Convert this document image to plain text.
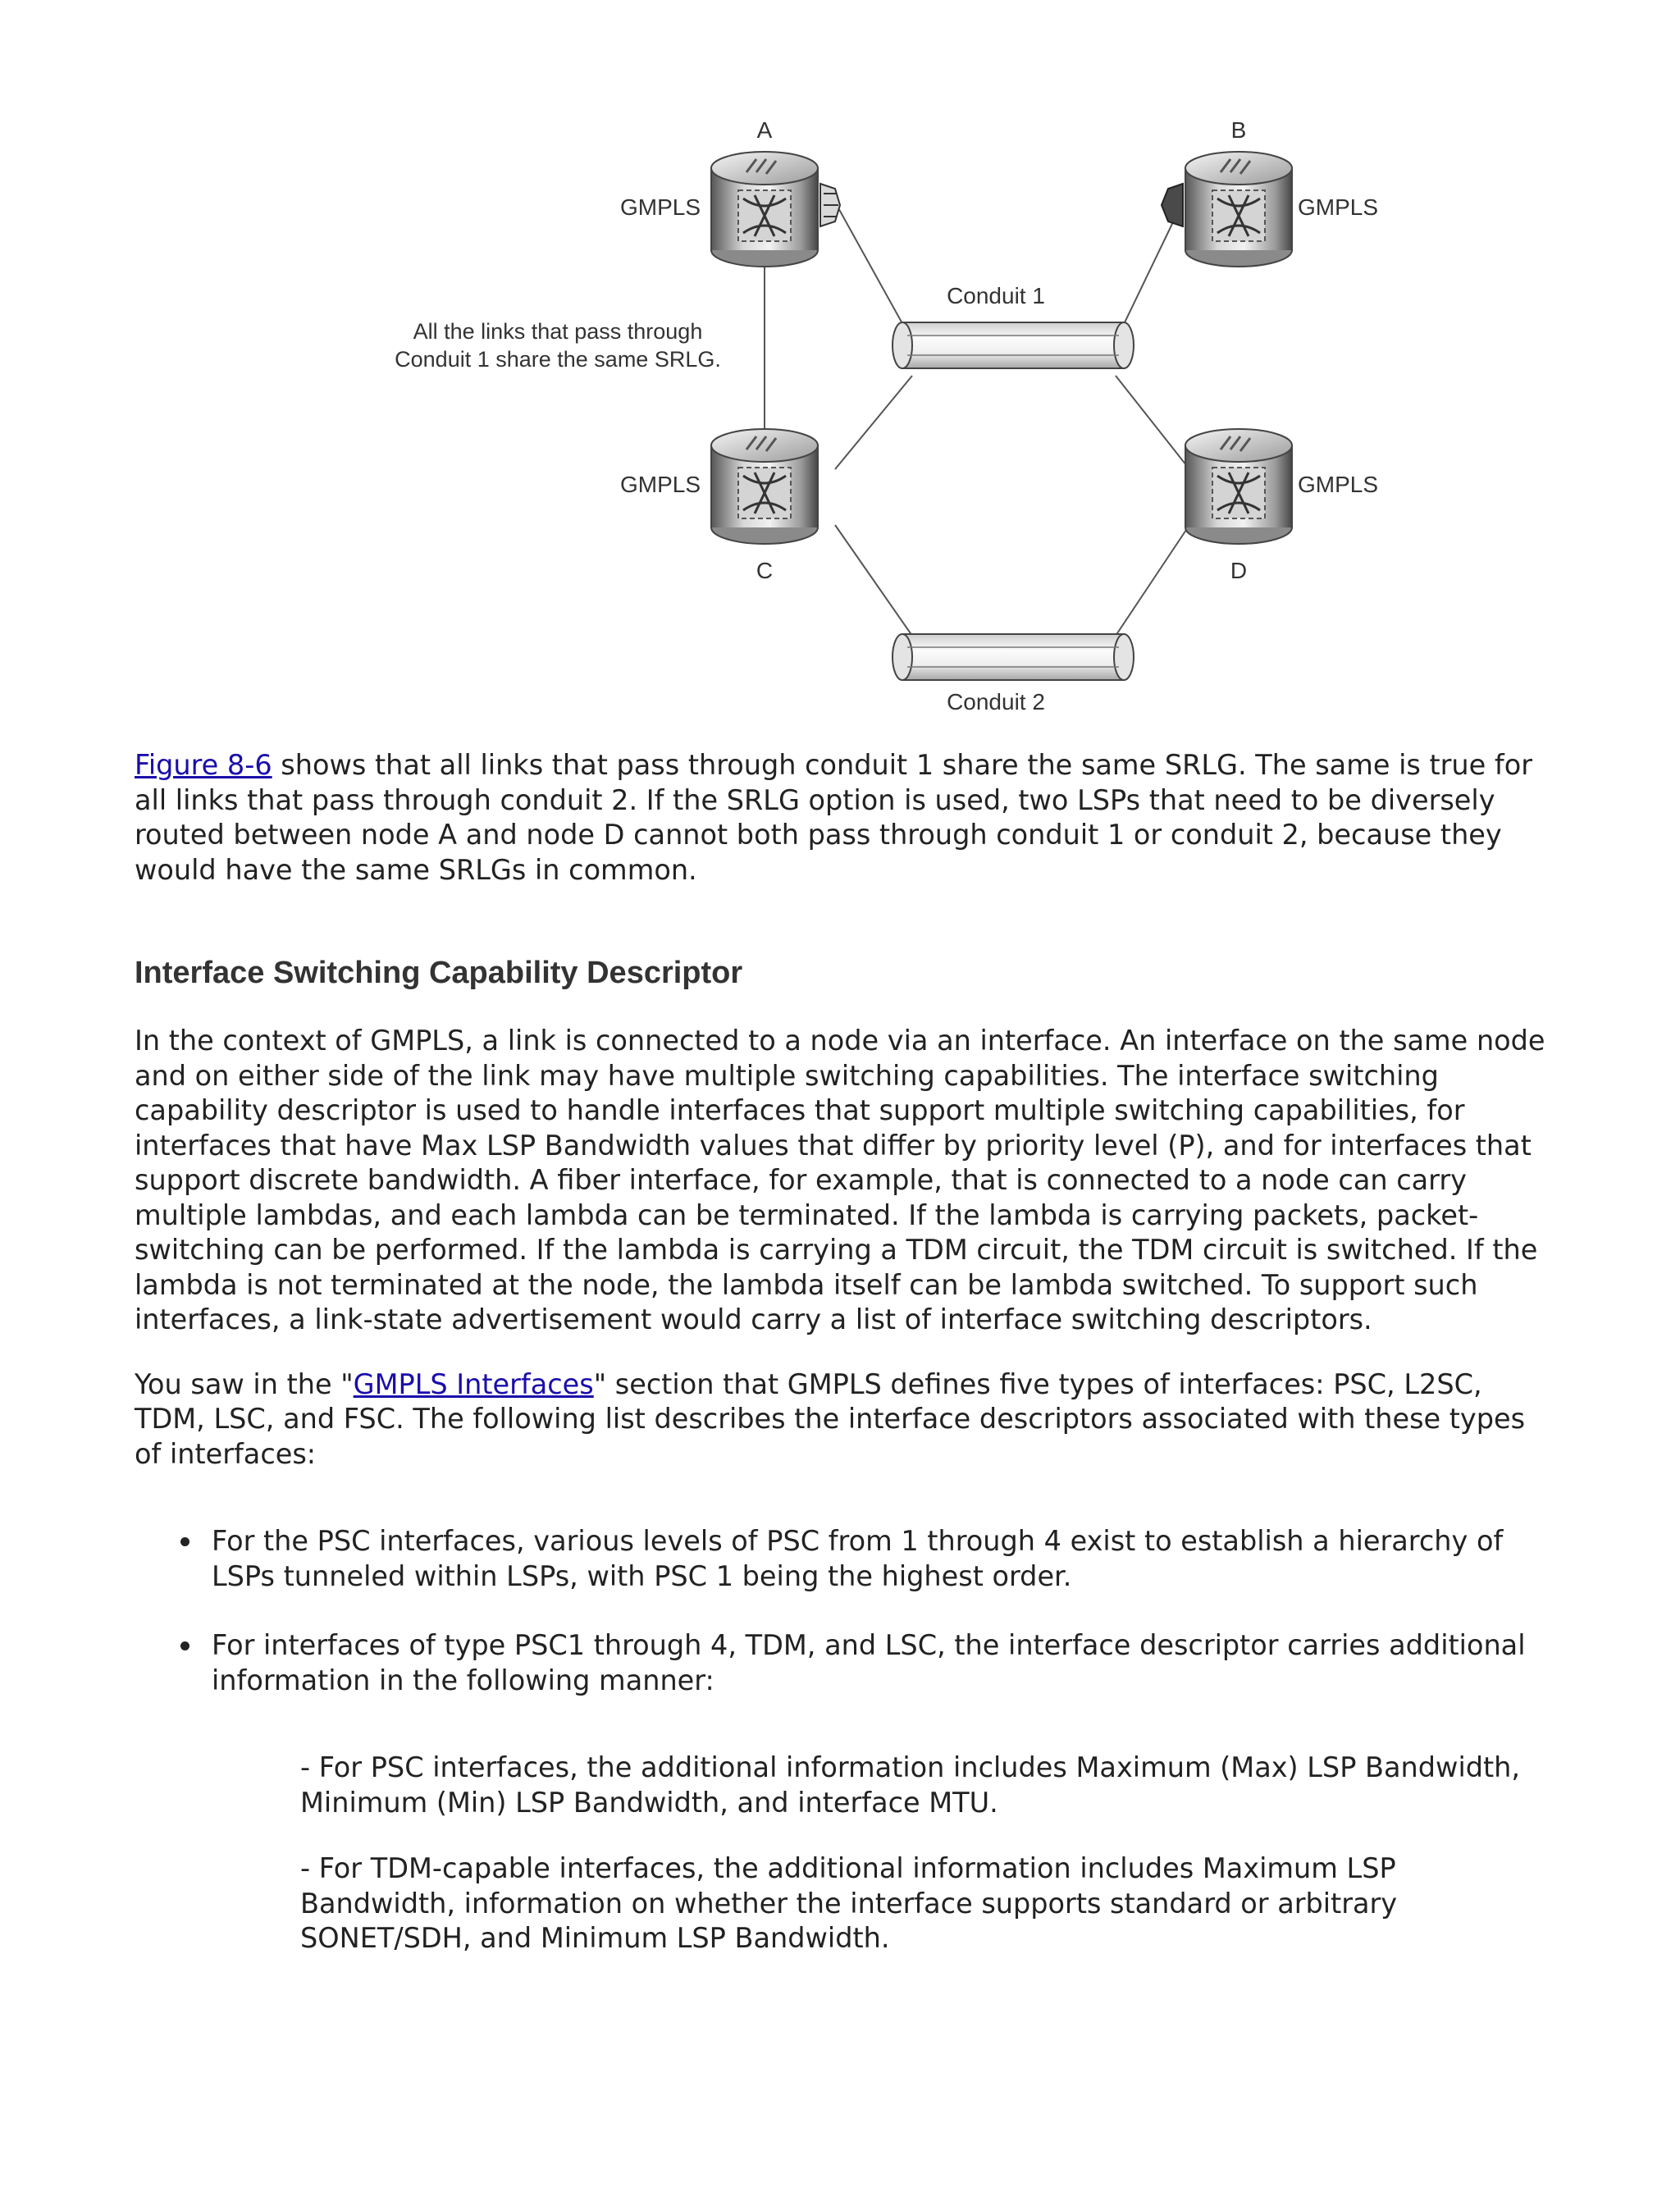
A	B
C	D
GMPLS	GMPLS
GMPLS	GMPLS
Conduit 1
Conduit 2
All the links that pass through
Conduit 1 share the same SRLG.

Figure 8-6 shows that all links that pass through conduit 1 share the same SRLG. The same is true for all links that pass through conduit 2. If the SRLG option is used, two LSPs that need to be diversely routed between node A and node D cannot both pass through conduit 1 or conduit 2, because they would have the same SRLGs in common.

Interface Switching Capability Descriptor

In the context of GMPLS, a link is connected to a node via an interface. An interface on the same node and on either side of the link may have multiple switching capabilities. The interface switching capability descriptor is used to handle interfaces that support multiple switching capabilities, for interfaces that have Max LSP Bandwidth values that differ by priority level (P), and for interfaces that support discrete bandwidth. A fiber interface, for example, that is connected to a node can carry multiple lambdas, and each lambda can be terminated. If the lambda is carrying packets, packet-switching can be performed. If the lambda is carrying a TDM circuit, the TDM circuit is switched. If the lambda is not terminated at the node, the lambda itself can be lambda switched. To support such interfaces, a link-state advertisement would carry a list of interface switching descriptors.

You saw in the "GMPLS Interfaces" section that GMPLS defines five types of interfaces: PSC, L2SC, TDM, LSC, and FSC. The following list describes the interface descriptors associated with these types of interfaces:

For the PSC interfaces, various levels of PSC from 1 through 4 exist to establish a hierarchy of LSPs tunneled within LSPs, with PSC 1 being the highest order.
For interfaces of type PSC1 through 4, TDM, and LSC, the interface descriptor carries additional information in the following manner:

- For PSC interfaces, the additional information includes Maximum (Max) LSP Bandwidth, Minimum (Min) LSP Bandwidth, and interface MTU.

- For TDM-capable interfaces, the additional information includes Maximum LSP Bandwidth, information on whether the interface supports standard or arbitrary SONET/SDH, and Minimum LSP Bandwidth.
